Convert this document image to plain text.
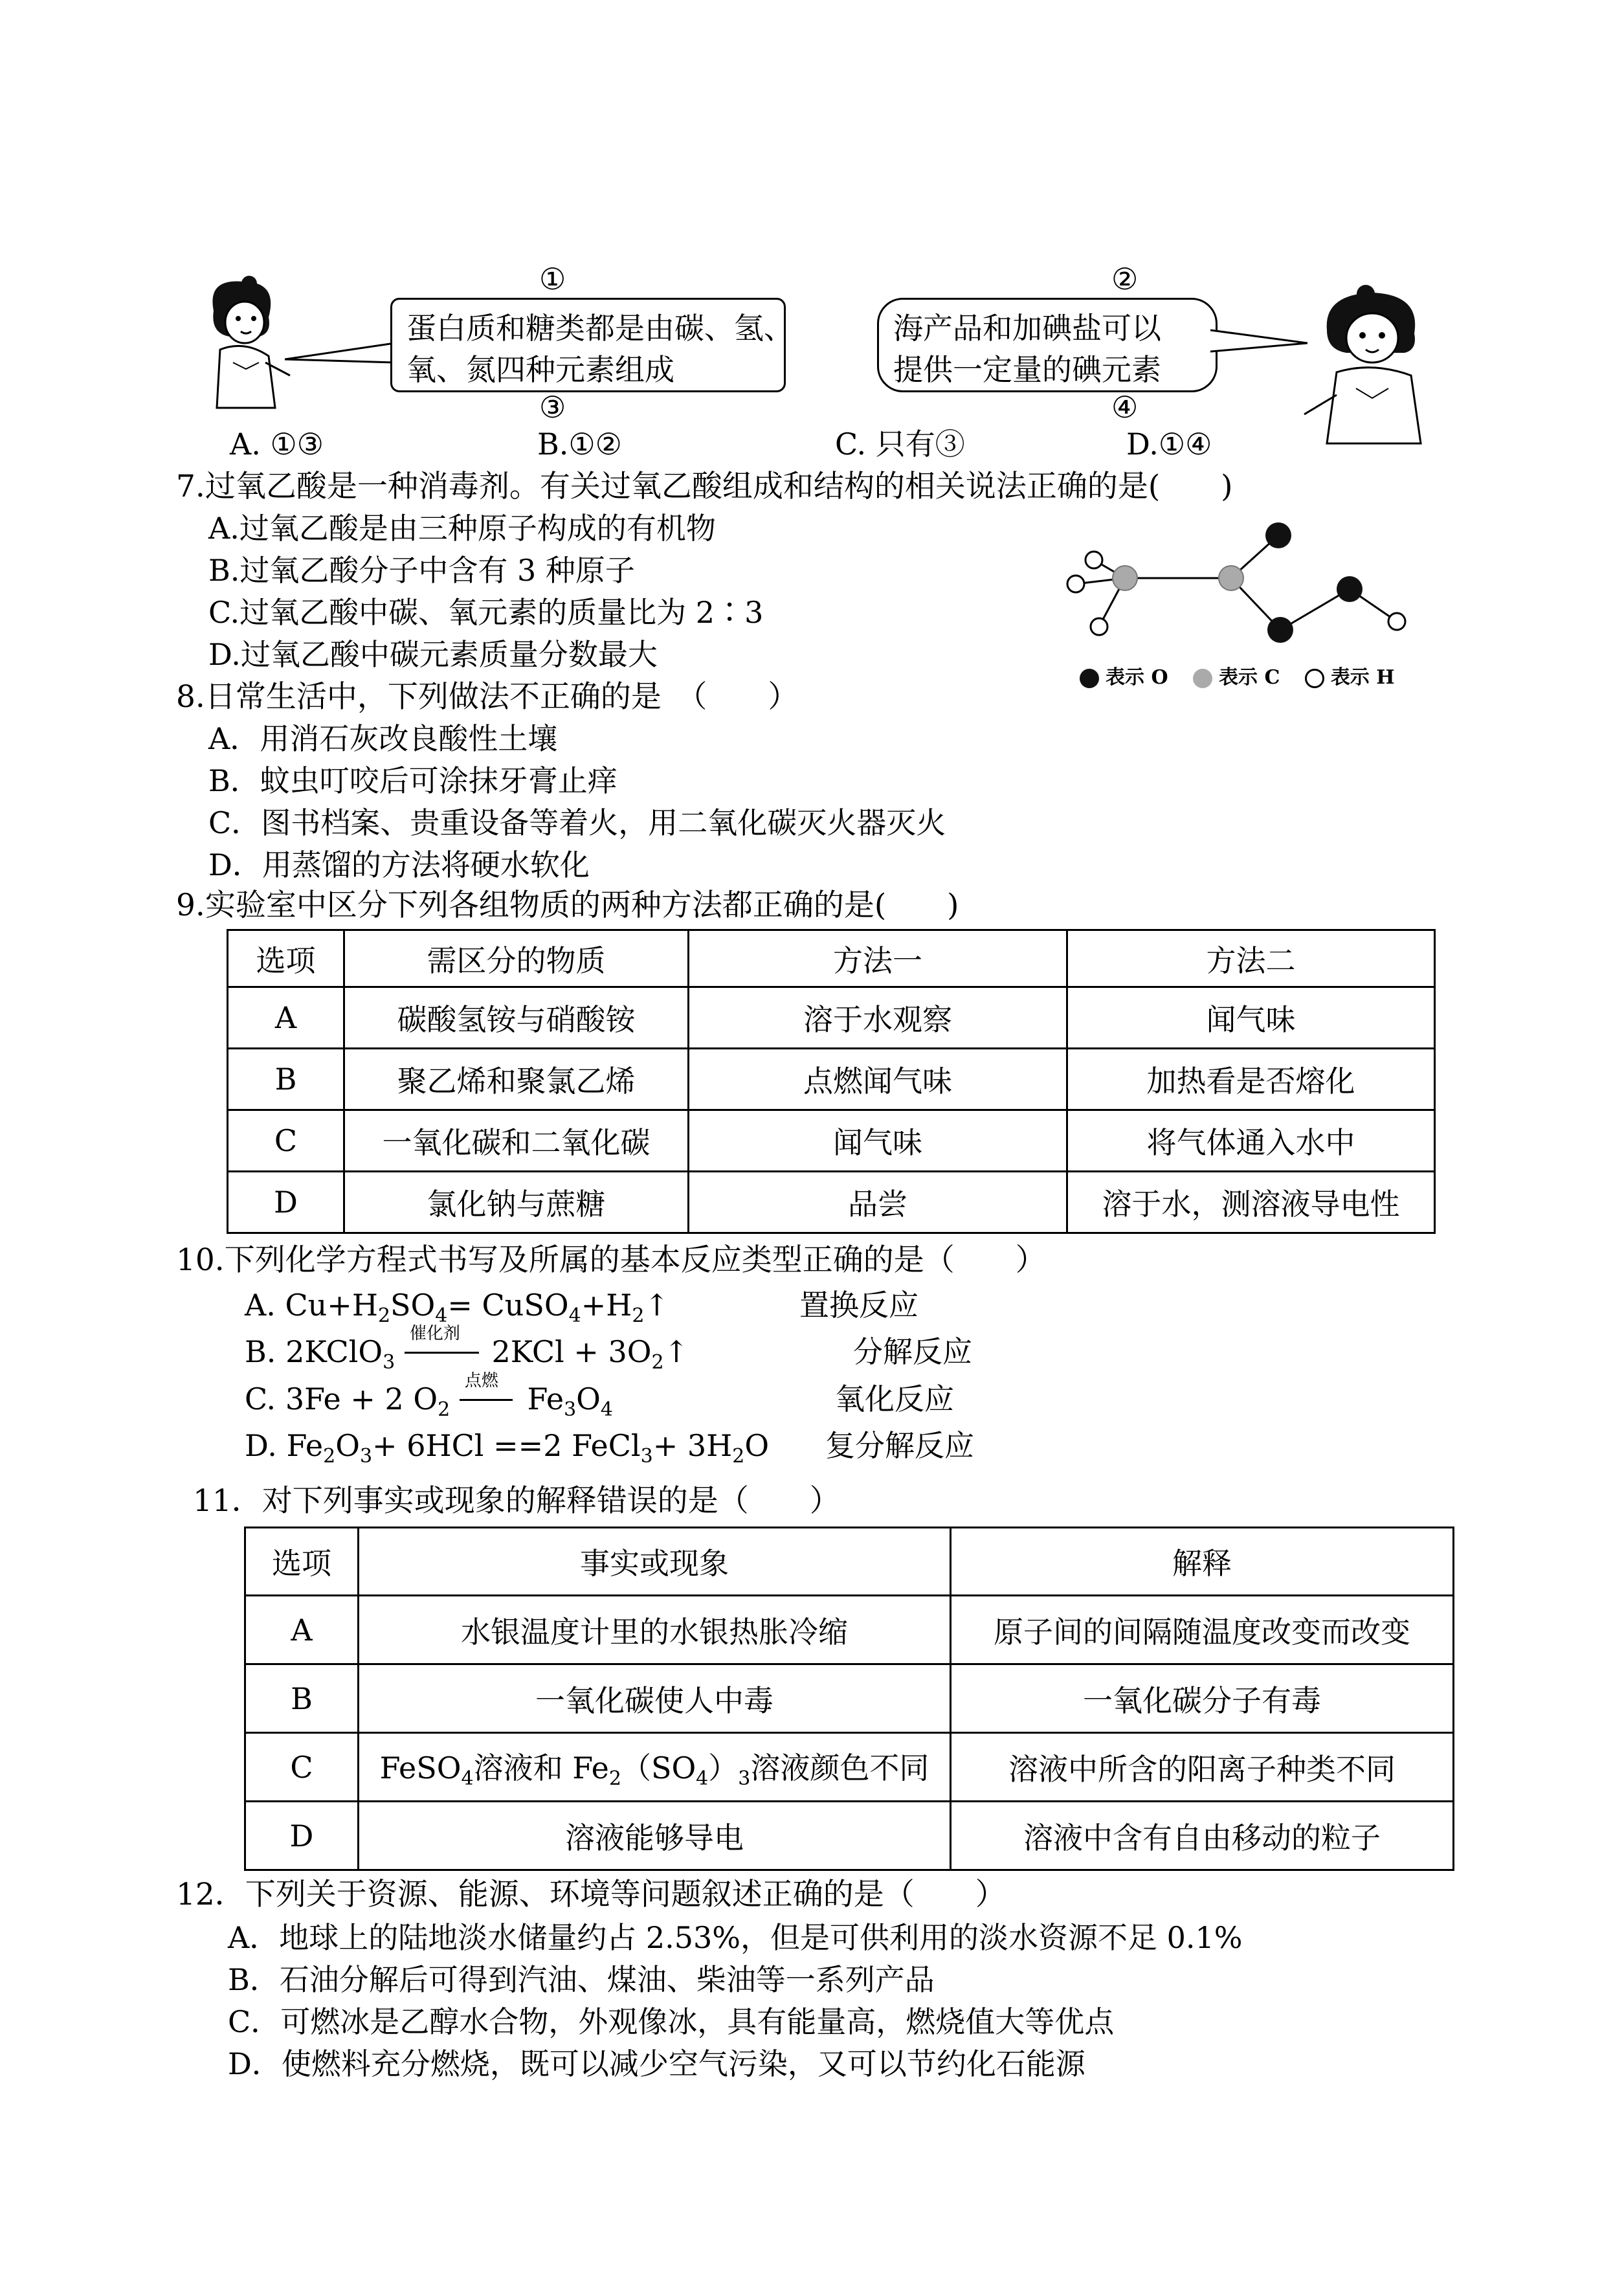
①
蛋白质和糖类都是由碳、氢、
氧、氮四种元素组成
③
②
海产品和加碘盐可以
提供一定量的碘元素
④
A. ①③	B.①②	C. 只有③	D.①④
7.过氧乙酸是一种消毒剂。有关过氧乙酸组成和结构的相关说法正确的是(　　)
A.过氧乙酸是由三种原子构成的有机物
B.过氧乙酸分子中含有 3 种原子
C.过氧乙酸中碳、氧元素的质量比为 2∶3
D.过氧乙酸中碳元素质量分数最大
表示 O	表示 C	表示 H
8.日常生活中，下列做法不正确的是　（　　）
A．用消石灰改良酸性土壤
B．蚊虫叮咬后可涂抹牙膏止痒
C．图书档案、贵重设备等着火，用二氧化碳灭火器灭火
D．用蒸馏的方法将硬水软化
9.实验室中区分下列各组物质的两种方法都正确的是(　　)
选项	需区分的物质	方法一	方法二
A	碳酸氢铵与硝酸铵	溶于水观察	闻气味
B	聚乙烯和聚氯乙烯	点燃闻气味	加热看是否熔化
C	一氧化碳和二氧化碳	闻气味	将气体通入水中
D	氯化钠与蔗糖	品尝	溶于水，测溶液导电性
10.下列化学方程式书写及所属的基本反应类型正确的是（　　）
A. $Cu+H_2SO_4=$ $CuSO_4+H_2↑$	置换反应
B. 2KClO$_3$
催化剂
$2KCl + 3O_2↑$	分解反应
C. 3Fe + 2 $O_2$
点燃
$Fe_3O_4$	氧化反应
D. $Fe_2O_3+ 6HCl ==2$ FeCl$_3$+ $3H_2O$ 复分解反应
11．对下列事实或现象的解释错误的是（　　）
选项	事实或现象	解释
A	水银温度计里的水银热胀冷缩	原子间的间隔随温度改变而改变
B	一氧化碳使人中毒	一氧化碳分子有毒
C	FeSO$_4$溶液和 $Fe_2(SO_4)_3$溶液颜色不同	溶液中所含的阳离子种类不同
D	溶液能够导电	溶液中含有自由移动的粒子
12．下列关于资源、能源、环境等问题叙述正确的是（　　）
A．地球上的陆地淡水储量约占 2.53%，但是可供利用的淡水资源不足 0.1%
B．石油分解后可得到汽油、煤油、柴油等一系列产品
C．可燃冰是乙醇水合物，外观像冰，具有能量高，燃烧值大等优点
D．使燃料充分燃烧，既可以减少空气污染，又可以节约化石能源
